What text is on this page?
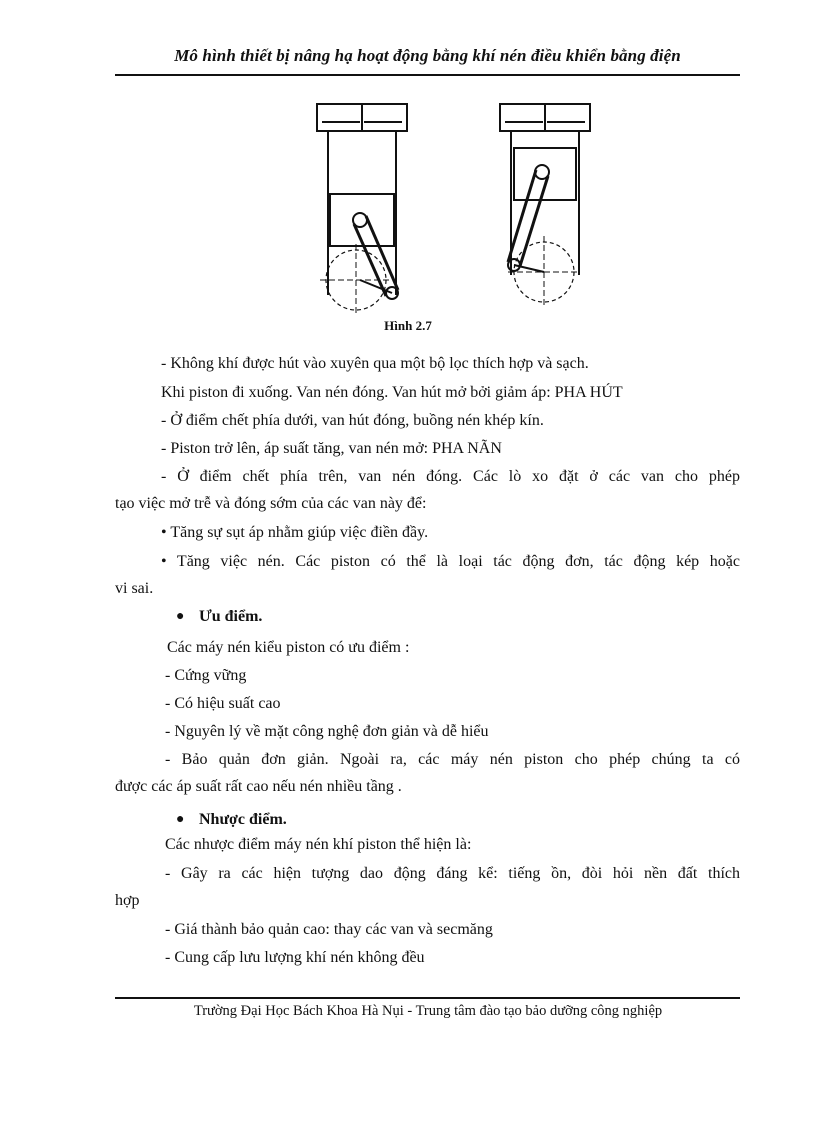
Mô hình thiết bị nâng hạ hoạt động bằng khí nén điều khiển bằng điện
Hình 2.7
- Không khí được hút vào xuyên qua một bộ lọc thích hợp và sạch.
Khi piston đi xuống. Van nén đóng. Van hút mở bởi giảm áp: PHA HÚT
- Ở điểm chết phía dưới, van hút đóng, buồng nén khép kín.
- Piston trở lên, áp suất tăng, van nén mở: PHA NÃN
- Ở điểm chết phía trên, van nén đóng. Các lò xo đặt ở các van cho phép
tạo việc mở trễ và đóng sớm của các van này để:
• Tăng sự sụt áp nhằm giúp việc điền đầy.
• Tăng việc nén. Các piston có thể là loại tác động đơn, tác động kép hoặc
vi sai.
● Ưu điểm.
Các máy nén kiểu piston có ưu điểm :
- Cứng vững
- Có hiệu suất cao
- Nguyên lý về mặt công nghệ đơn giản và dễ hiểu
- Bảo quản đơn giản. Ngoài ra, các máy nén piston cho phép chúng ta có
được các áp suất rất cao nếu nén nhiều tầng .
● Nhược điểm.
Các nhược điểm máy nén khí piston thể hiện là:
- Gây ra các hiện tượng dao động đáng kể: tiếng ồn, đòi hỏi nền đất thích
hợp
- Giá thành bảo quản cao: thay các van và secmăng
- Cung cấp lưu lượng khí nén không đều
Trường Đại Học Bách Khoa Hà Nụi - Trung tâm đào tạo bảo dưỡng công nghiệp
